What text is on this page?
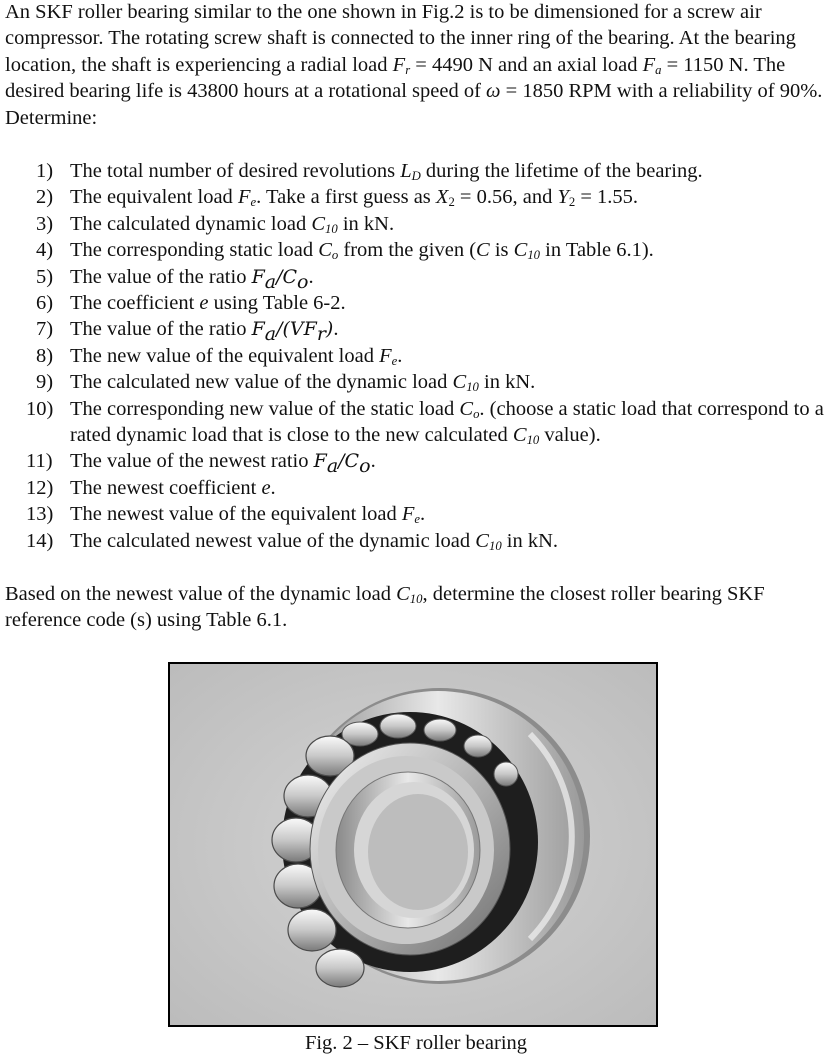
An SKF roller bearing similar to the one shown in Fig.2 is to be dimensioned for a screw air compressor. The rotating screw shaft is connected to the inner ring of the bearing. At the bearing location, the shaft is experiencing a radial load $F_r = 4490$ N and an axial load $F_a = 1150$ N. The desired bearing life is 43800 hours at a rotational speed of ω = 1850 RPM with a reliability of 90%. Determine:

1) The total number of desired revolutions $L_D$ during the lifetime of the bearing.
2) The equivalent load $F_e$. Take a first guess as $X_2 = 0.56$, and $Y_2 = 1.55$.
3) The calculated dynamic load $C_{10}$ in kN.
4) The corresponding static load $C_o$ from the given (C is $C_{10}$ in Table 6.1).
5) The value of the ratio $F_a/C_o$.
6) The coefficient e using Table 6-2.
7) The value of the ratio $F_a/(VF_r)$.
8) The new value of the equivalent load $F_e$.
9) The calculated new value of the dynamic load $C_{10}$ in kN.
10) The corresponding new value of the static load $C_o$. (choose a static load that correspond to a rated dynamic load that is close to the new calculated $C_{10}$ value).
11) The value of the newest ratio $F_a/C_o$.
12) The newest coefficient e.
13) The newest value of the equivalent load $F_e$.
14) The calculated newest value of the dynamic load $C_{10}$ in kN.

Based on the newest value of the dynamic load $C_{10}$, determine the closest roller bearing SKF reference code (s) using Table 6.1.

Fig. 2 – SKF roller bearing
